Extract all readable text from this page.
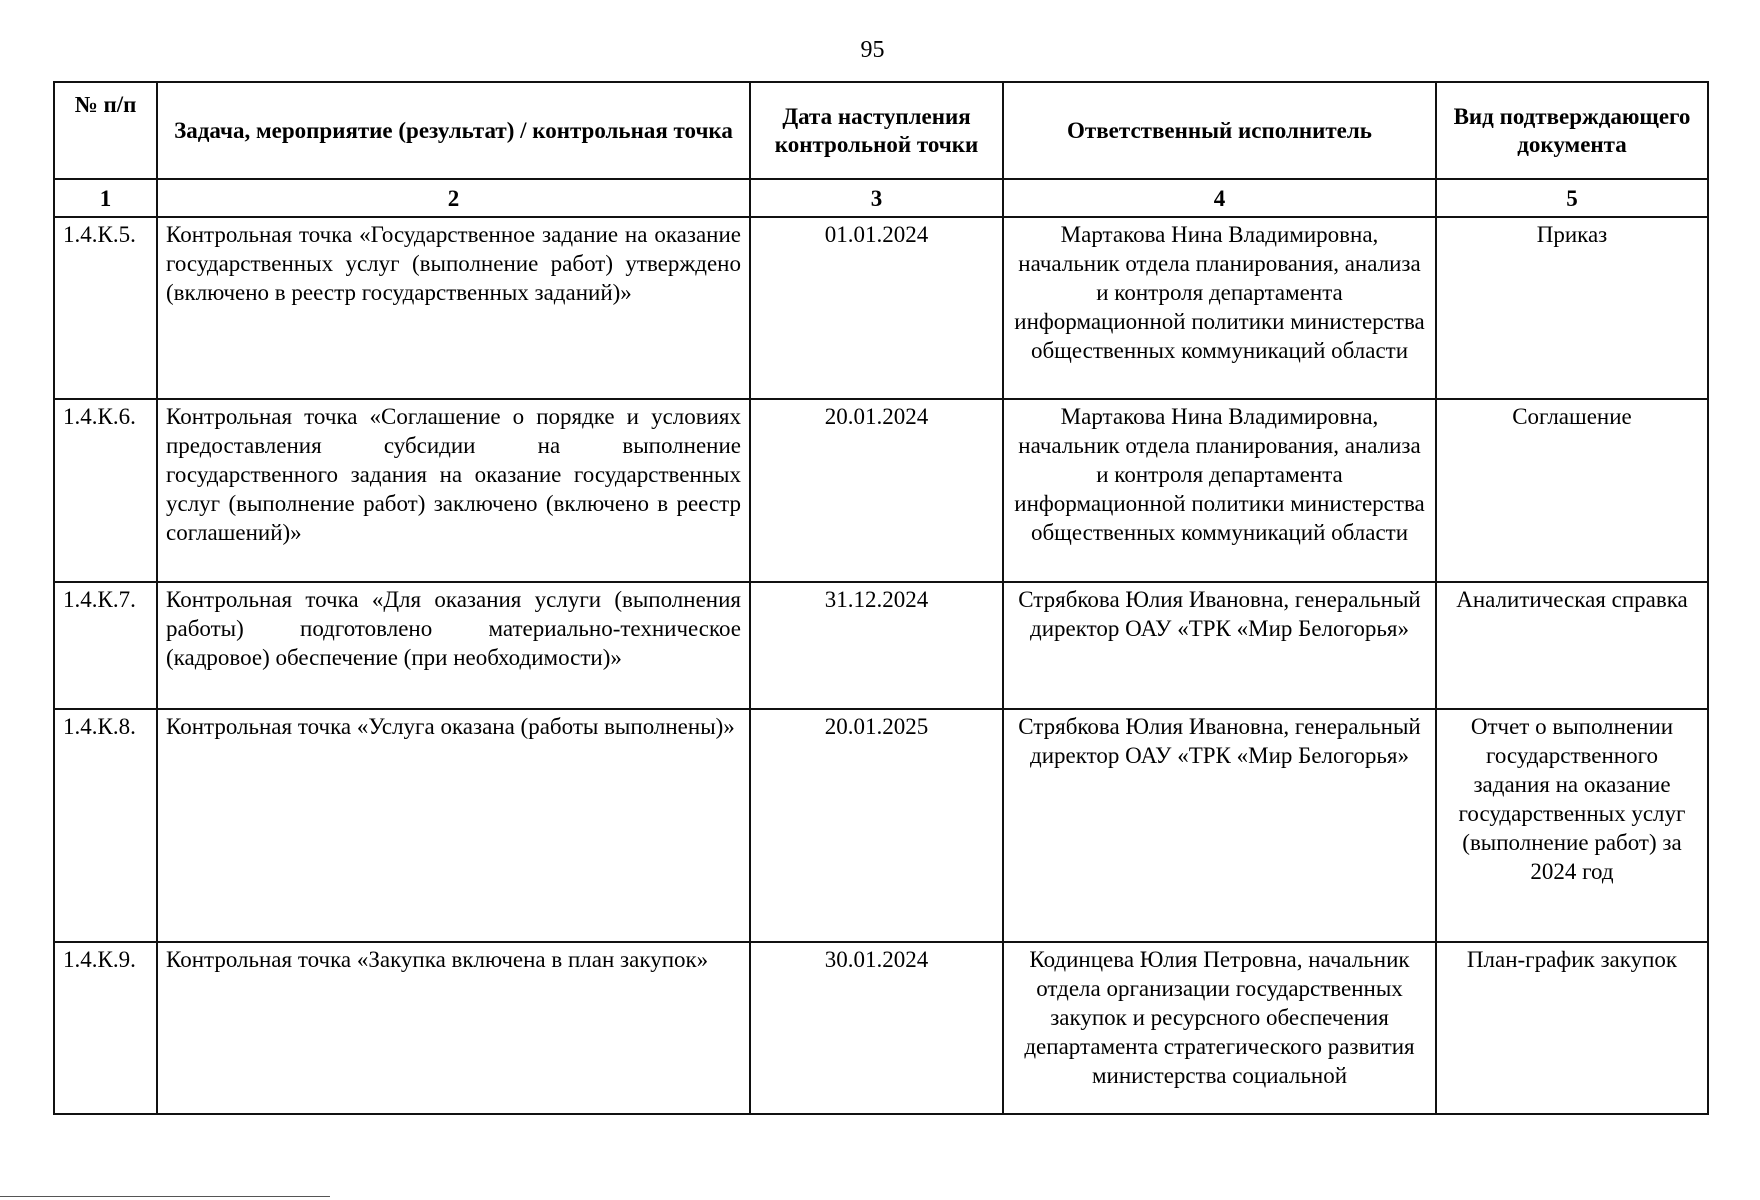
95
№ п/п	Задача, мероприятие (результат) / контрольная точка	Дата наступления контрольной точки	Ответственный исполнитель	Вид подтверждающего документа
1	2	3	4	5
1.4.К.5.	Контрольная точка «Государственное задание на оказание государственных услуг (выполнение работ) утверждено (включено в реестр государственных заданий)»	01.01.2024	Мартакова Нина Владимировна, начальник отдела планирования, анализа и контроля департамента информационной политики министерства общественных коммуникаций области	Приказ
1.4.К.6.	Контрольная точка «Соглашение о порядке и условиях предоставления субсидии на выполнение государственного задания на оказание государственных услуг (выполнение работ) заключено (включено в реестр соглашений)»	20.01.2024	Мартакова Нина Владимировна, начальник отдела планирования, анализа и контроля департамента информационной политики министерства общественных коммуникаций области	Соглашение
1.4.К.7.	Контрольная точка «Для оказания услуги (выполнения работы) подготовлено материально-техническое (кадровое) обеспечение (при необходимости)»	31.12.2024	Стрябкова Юлия Ивановна, генеральный директор ОАУ «ТРК «Мир Белогорья»	Аналитическая справка
1.4.К.8.	Контрольная точка «Услуга оказана (работы выполнены)»	20.01.2025	Стрябкова Юлия Ивановна, генеральный директор ОАУ «ТРК «Мир Белогорья»	Отчет о выполнении государственного задания на оказание государственных услуг (выполнение работ) за 2024 год
1.4.К.9.	Контрольная точка «Закупка включена в план закупок»	30.01.2024	Кодинцева Юлия Петровна, начальник отдела организации государственных закупок и ресурсного обеспечения департамента стратегического развития министерства социальной	План-график закупок
